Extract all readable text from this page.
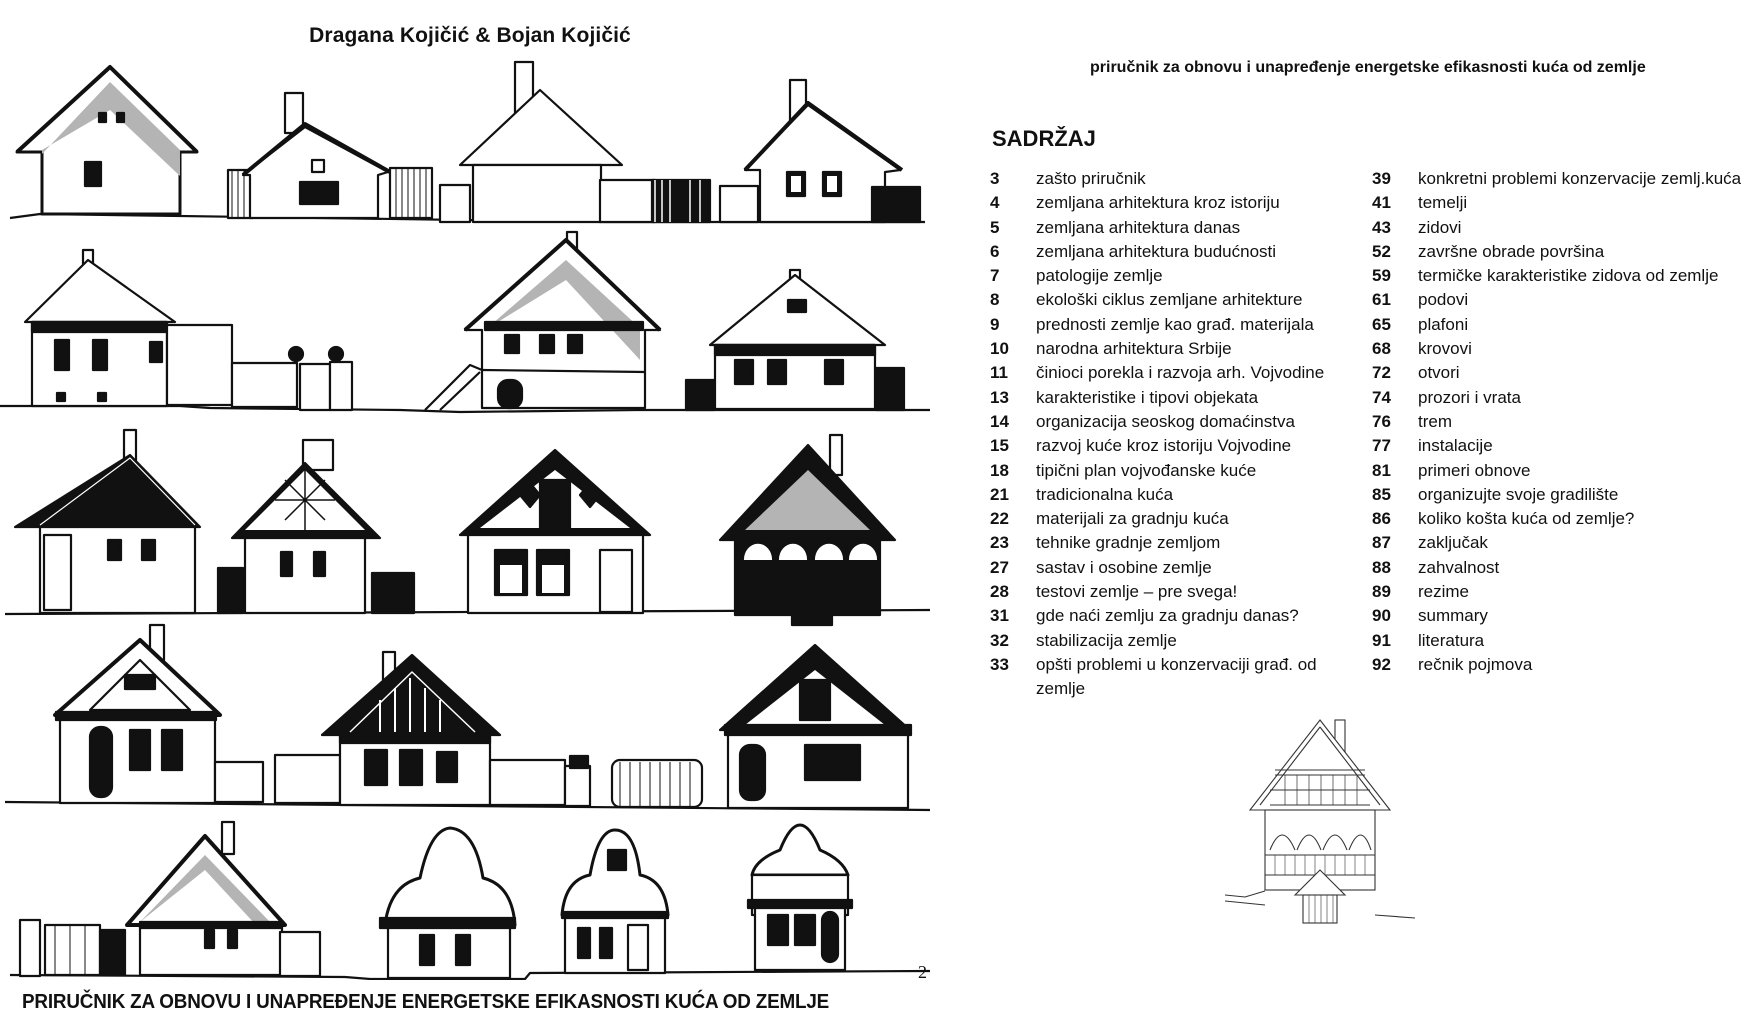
Dragana Kojičić & Bojan Kojičić
2
PRIRUČNIK ZA OBNOVU I UNAPREĐENJE ENERGETSKE EFIKASNOSTI KUĆA OD ZEMLJE
priručnik za obnovu i unapređenje energetske efikasnosti kuća od zemlje
SADRŽAJ
3	zašto priručnik
4	zemljana arhitektura kroz istoriju
5	zemljana arhitektura danas
6	zemljana arhitektura budućnosti
7	patologije zemlje
8	ekološki ciklus zemljane arhitekture
9	prednosti zemlje kao građ. materijala
10	narodna arhitektura Srbije
11	činioci porekla i razvoja arh. Vojvodine
13	karakteristike i tipovi objekata
14	organizacija seoskog domaćinstva
15	razvoj kuće kroz istoriju Vojvodine
18	tipični plan vojvođanske kuće
21	tradicionalna kuća
22	materijali za gradnju kuća
23	tehnike gradnje zemljom
27	sastav i osobine zemlje
28	testovi zemlje – pre svega!
31	gde naći zemlju za gradnju danas?
32	stabilizacija zemlje
33	opšti problemi u konzervaciji građ. od zemlje
39	konkretni problemi konzervacije zemlj.kuća
41	temelji
43	zidovi
52	završne obrade površina
59	termičke karakteristike zidova od zemlje
61	podovi
65	plafoni
68	krovovi
72	otvori
74	prozori i vrata
76	trem
77	instalacije
81	primeri obnove
85	organizujte svoje gradilište
86	koliko košta kuća od zemlje?
87	zaključak
88	zahvalnost
89	rezime
90	summary
91	literatura
92	rečnik pojmova
